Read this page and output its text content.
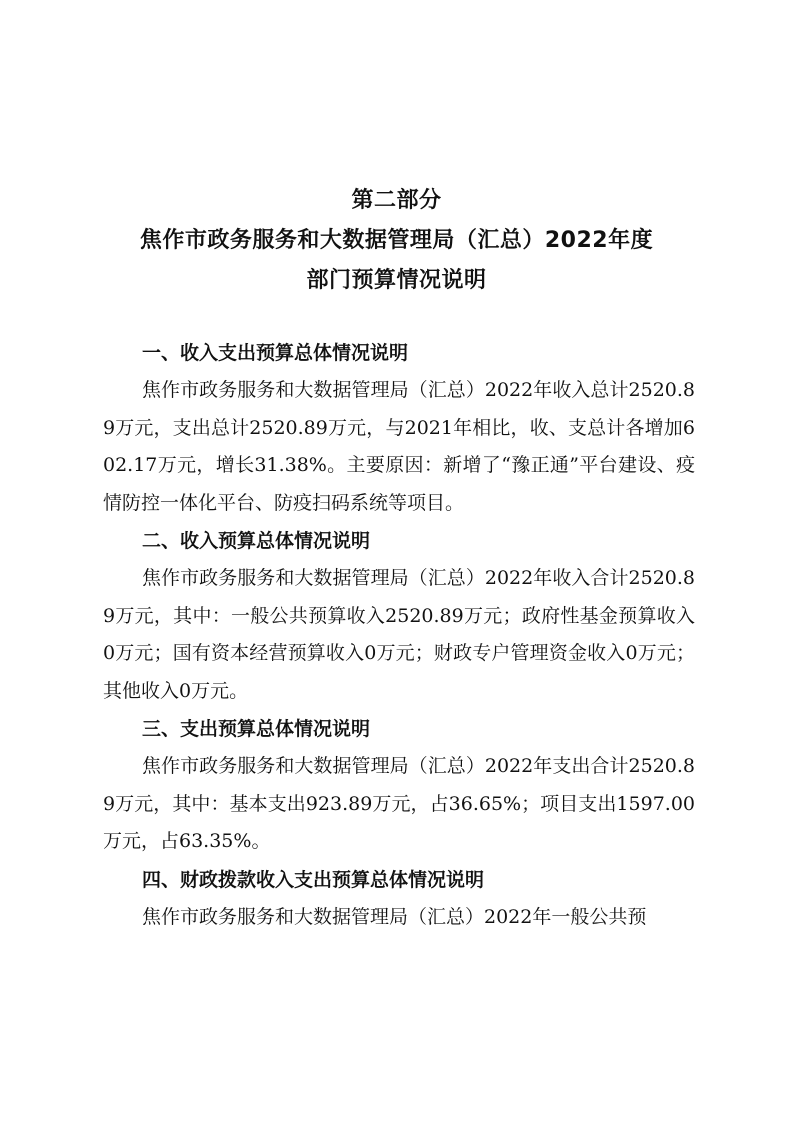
第二部分
焦作市政务服务和大数据管理局（汇总）2022年度
部门预算情况说明

一、收入支出预算总体情况说明

焦作市政务服务和大数据管理局（汇总）2022年收入总计2520.89万元，支出总计2520.89万元，与2021年相比，收、支总计各增加602.17万元，增长31.38%。主要原因：新增了“豫正通”平台建设、疫情防控一体化平台、防疫扫码系统等项目。

二、收入预算总体情况说明

焦作市政务服务和大数据管理局（汇总）2022年收入合计2520.89万元，其中：一般公共预算收入2520.89万元；政府性基金预算收入0万元；国有资本经营预算收入0万元；财政专户管理资金收入0万元；其他收入0万元。

三、支出预算总体情况说明

焦作市政务服务和大数据管理局（汇总）2022年支出合计2520.89万元，其中：基本支出923.89万元，占36.65%；项目支出1597.00万元，占63.35%。

四、财政拨款收入支出预算总体情况说明

焦作市政务服务和大数据管理局（汇总）2022年一般公共预
